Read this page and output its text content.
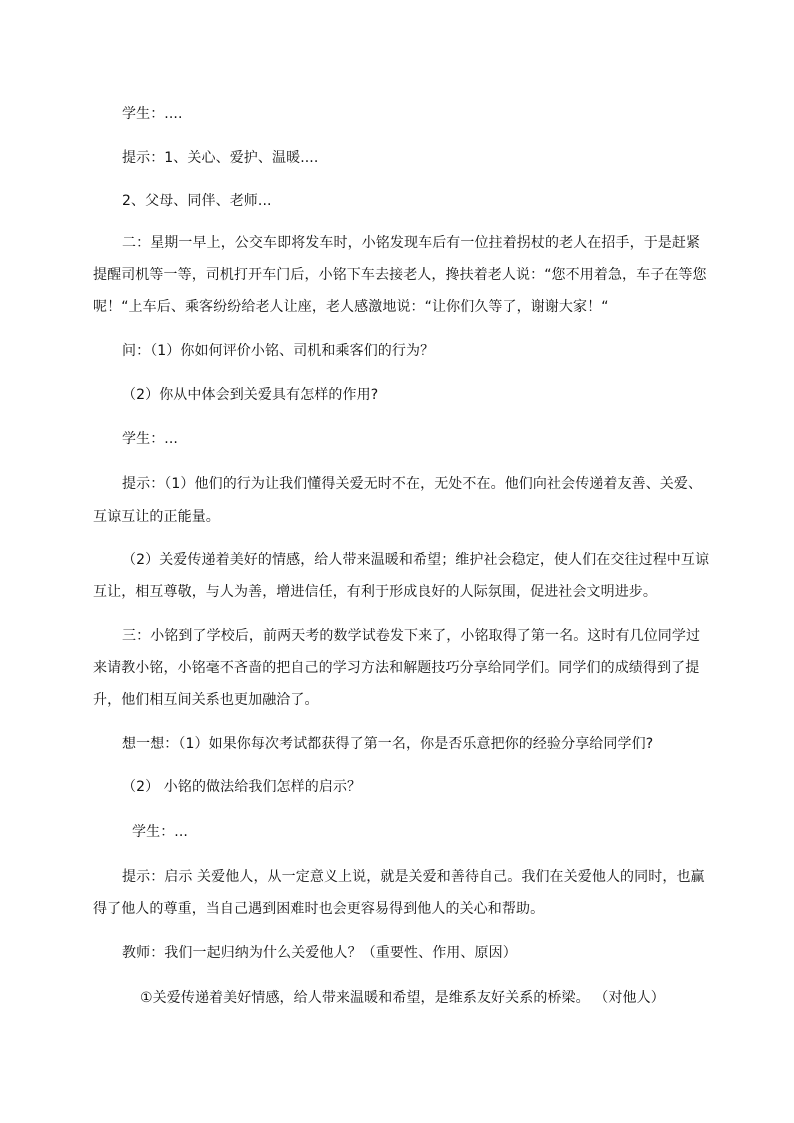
学生：....
提示：1、关心、爱护、温暖....
2、父母、同伴、老师...
二：星期一早上，公交车即将发车时，小铭发现车后有一位拄着拐杖的老人在招手，于是赶紧
提醒司机等一等，司机打开车门后，小铭下车去接老人，搀扶着老人说：“您不用着急，车子在等您
呢！“上车后、乘客纷纷给老人让座，老人感激地说：“让你们久等了，谢谢大家！“
问：（1）你如何评价小铭、司机和乘客们的行为？
（2）你从中体会到关爱具有怎样的作用?
学生：...
提示：（1）他们的行为让我们懂得关爱无时不在，无处不在。他们向社会传递着友善、关爱、
互谅互让的正能量。
（2）关爱传递着美好的情感，给人带来温暖和希望；维护社会稳定，使人们在交往过程中互谅
互让，相互尊敬，与人为善，增进信任，有利于形成良好的人际氛围，促进社会文明进步。
三：小铭到了学校后，前两天考的数学试卷发下来了，小铭取得了第一名。这时有几位同学过
来请教小铭，小铭毫不吝啬的把自己的学习方法和解题技巧分享给同学们。同学们的成绩得到了提
升，他们相互间关系也更加融洽了。
想一想：（1）如果你每次考试都获得了第一名，你是否乐意把你的经验分享给同学们?
（2） 小铭的做法给我们怎样的启示？
学生：...
提示：启示 关爱他人，从一定意义上说，就是关爱和善待自己。我们在关爱他人的同时，也赢
得了他人的尊重，当自己遇到困难时也会更容易得到他人的关心和帮助。
教师：我们一起归纳为什么关爱他人？（重要性、作用、原因）
①关爱传递着美好情感，给人带来温暖和希望，是维系友好关系的桥梁。 （对他人）
